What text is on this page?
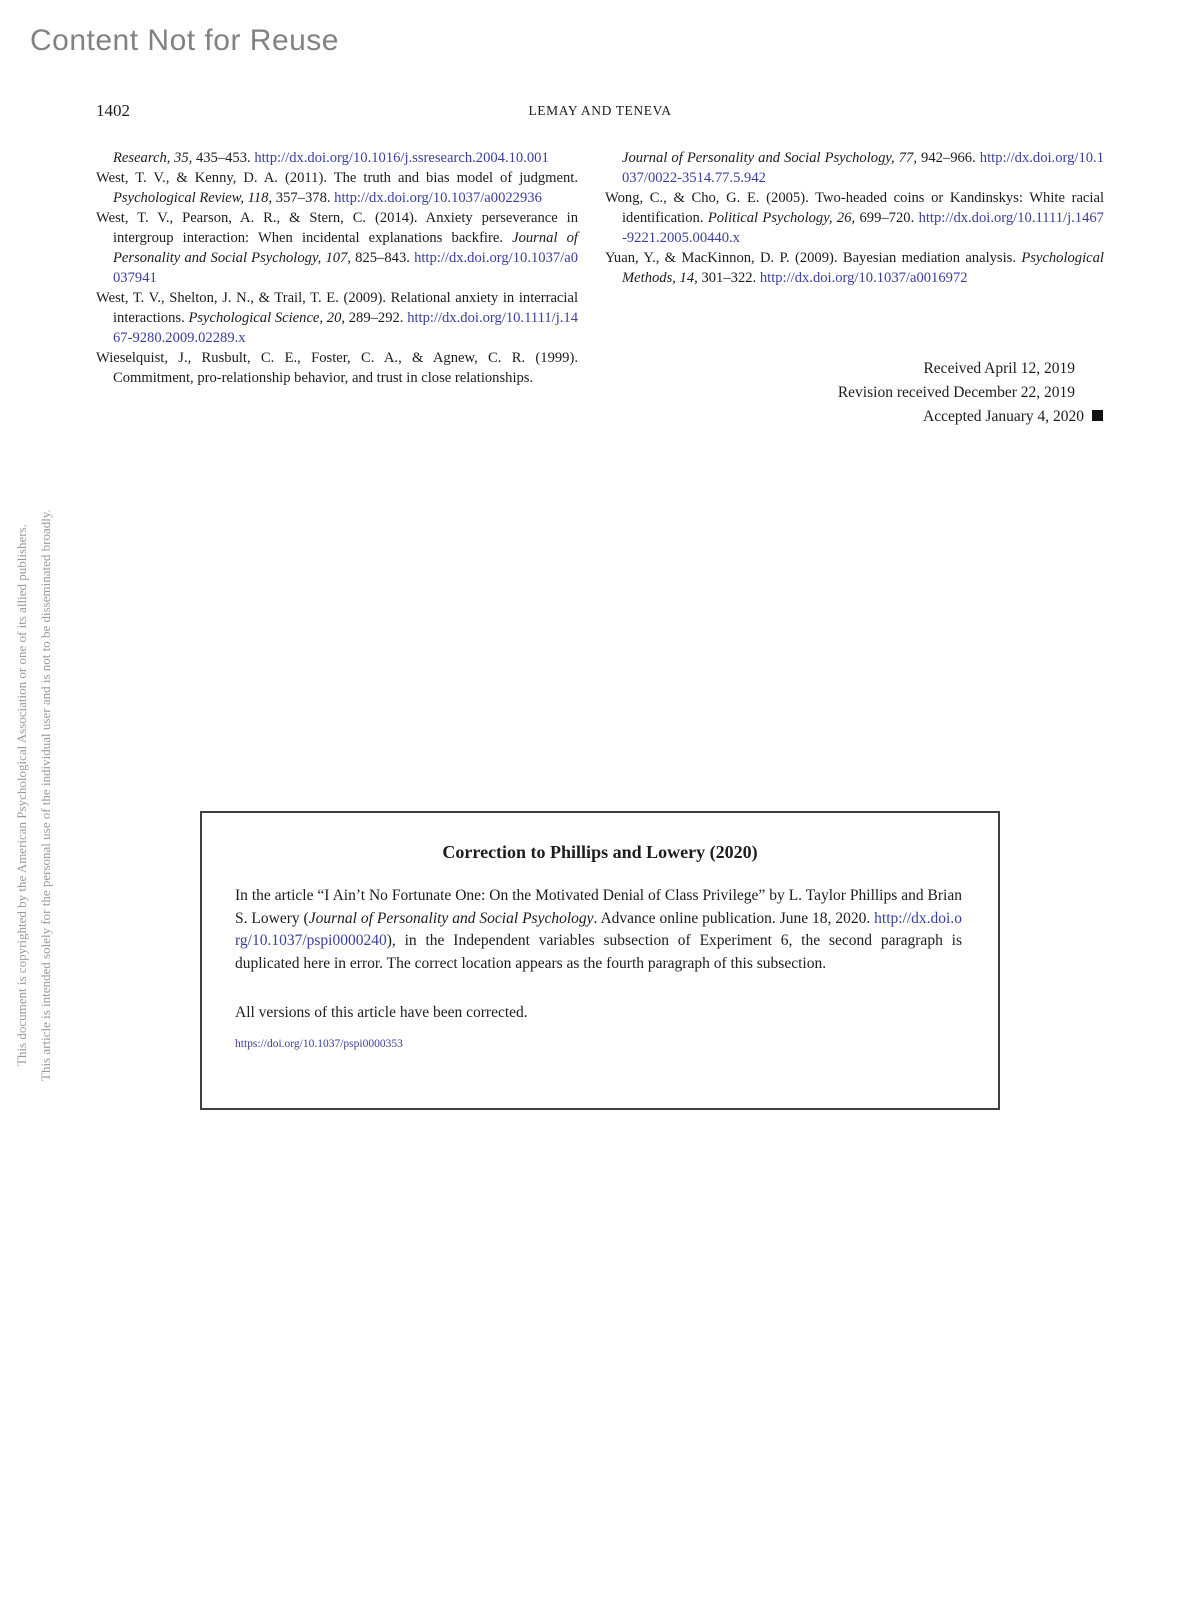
Content Not for Reuse
This document is copyrighted by the American Psychological Association or one of its allied publishers. This article is intended solely for the personal use of the individual user and is not to be disseminated broadly.
1402	LEMAY AND TENEVA

Research, 35, 435–453. http://dx.doi.org/10.1016/j.ssresearch.2004.10.001

West, T. V., & Kenny, D. A. (2011). The truth and bias model of judgment. Psychological Review, 118, 357–378. http://dx.doi.org/10.1037/a0022936

West, T. V., Pearson, A. R., & Stern, C. (2014). Anxiety perseverance in intergroup interaction: When incidental explanations backfire. Journal of Personality and Social Psychology, 107, 825–843. http://dx.doi.org/10.1037/a0037941

West, T. V., Shelton, J. N., & Trail, T. E. (2009). Relational anxiety in interracial interactions. Psychological Science, 20, 289–292. http://dx.doi.org/10.1111/j.1467-9280.2009.02289.x

Wieselquist, J., Rusbult, C. E., Foster, C. A., & Agnew, C. R. (1999). Commitment, pro-relationship behavior, and trust in close relationships.

Journal of Personality and Social Psychology, 77, 942–966. http://dx.doi.org/10.1037/0022-3514.77.5.942

Wong, C., & Cho, G. E. (2005). Two-headed coins or Kandinskys: White racial identification. Political Psychology, 26, 699–720. http://dx.doi.org/10.1111/j.1467-9221.2005.00440.x

Yuan, Y., & MacKinnon, D. P. (2009). Bayesian mediation analysis. Psychological Methods, 14, 301–322. http://dx.doi.org/10.1037/a0016972

Received April 12, 2019
Revision received December 22, 2019
Accepted January 4, 2020
Correction to Phillips and Lowery (2020)

In the article “I Ain’t No Fortunate One: On the Motivated Denial of Class Privilege” by L. Taylor Phillips and Brian S. Lowery (Journal of Personality and Social Psychology. Advance online publication. June 18, 2020. http://dx.doi.org/10.1037/pspi0000240), in the Independent variables subsection of Experiment 6, the second paragraph is duplicated here in error. The correct location appears as the fourth paragraph of this subsection.

All versions of this article have been corrected.

https://doi.org/10.1037/pspi0000353
